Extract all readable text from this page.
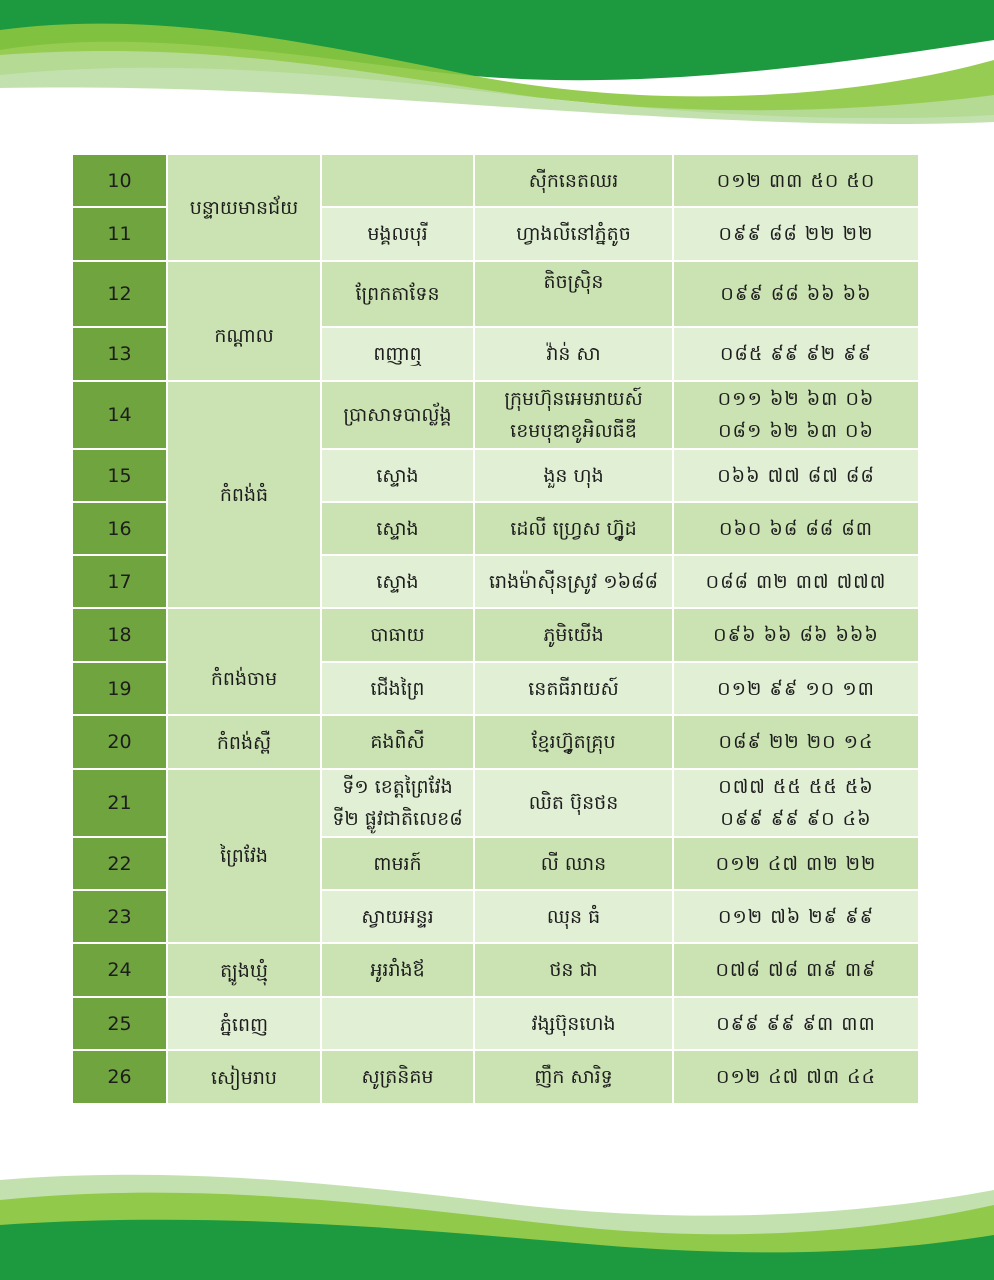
10	បន្ទាយមានជ័យ		ស៊ីកនេតឈរ	០១២ ៣៣ ៥០ ៥០
11		មង្គលបុរី	ហ្វាងលីនៅភ្នំតូច	០៩៩ ៨៨ ២២ ២២
12	កណ្តាល	ព្រែកតាទែន	តិចស្រ៊ិន	០៩៩ ៨៨ ៦៦ ៦៦
13		ពញាឮ	វ៉ាន់ សា	០៨៥ ៩៩ ៩២ ៩៩
14	កំពង់ធំ	ប្រាសាទបាល្ល័ង្គ	ក្រុមហ៊ុនអេមរាយស៍
ខេមបុឌាខូអិលធីឌី	០១១ ៦២ ៦៣ ០៦
០៨១ ៦២ ៦៣ ០៦

15		ស្ទោង	ងួន ហុង	០៦៦ ៧៧ ៨៧ ៨៨
16		ស្ទោង	ដេលី ហ្វ្រេស ហ្វ៊ូដ	០៦០ ៦៨ ៨៨ ៨៣
17		ស្ទោង	រោងម៉ាស៊ីនស្រូវ ១៦៨៨	០៨៨ ៣២ ៣៧ ៧៧៧
18	កំពង់ចាម	បាធាយ	ភូមិយើង	០៩៦ ៦៦ ៨៦ ៦៦៦
19		ជើងព្រៃ	នេតធីរាយស៍	០១២ ៩៩ ១០ ១៣
20	កំពង់ស្ពឺ	គងពិសី	ខ្មែរហ្វ៊ូតគ្រុប	០៨៩ ២២ ២០ ១៤
21	ព្រៃវែង	ទី១ ខេត្តព្រៃវែង
ទី២ ផ្លូវជាតិលេខ៨	ឈិត ប៊ុនថន	០៧៧ ៥៥ ៥៥ ៥៦
០៩៩ ៩៩ ៩០ ៤៦

22		ពាមរក៍	លី ឈាន	០១២ ៤៧ ៣២ ២២
23		ស្វាយអន្ទរ	ឈុន ធំ	០១២ ៧៦ ២៩ ៩៩
24	ត្បូងឃ្មុំ	អូររាំងឪ	ថន ជា	០៧៨ ៧៨ ៣៩ ៣៩
25	ភ្នំពេញ		វង្សប៊ុនហេង	០៩៩ ៩៩ ៩៣ ៣៣
26	សៀមរាប	សូត្រនិគម	ញឹក សារិទ្ធ	០១២ ៤៧ ៧៣ ៤៤
